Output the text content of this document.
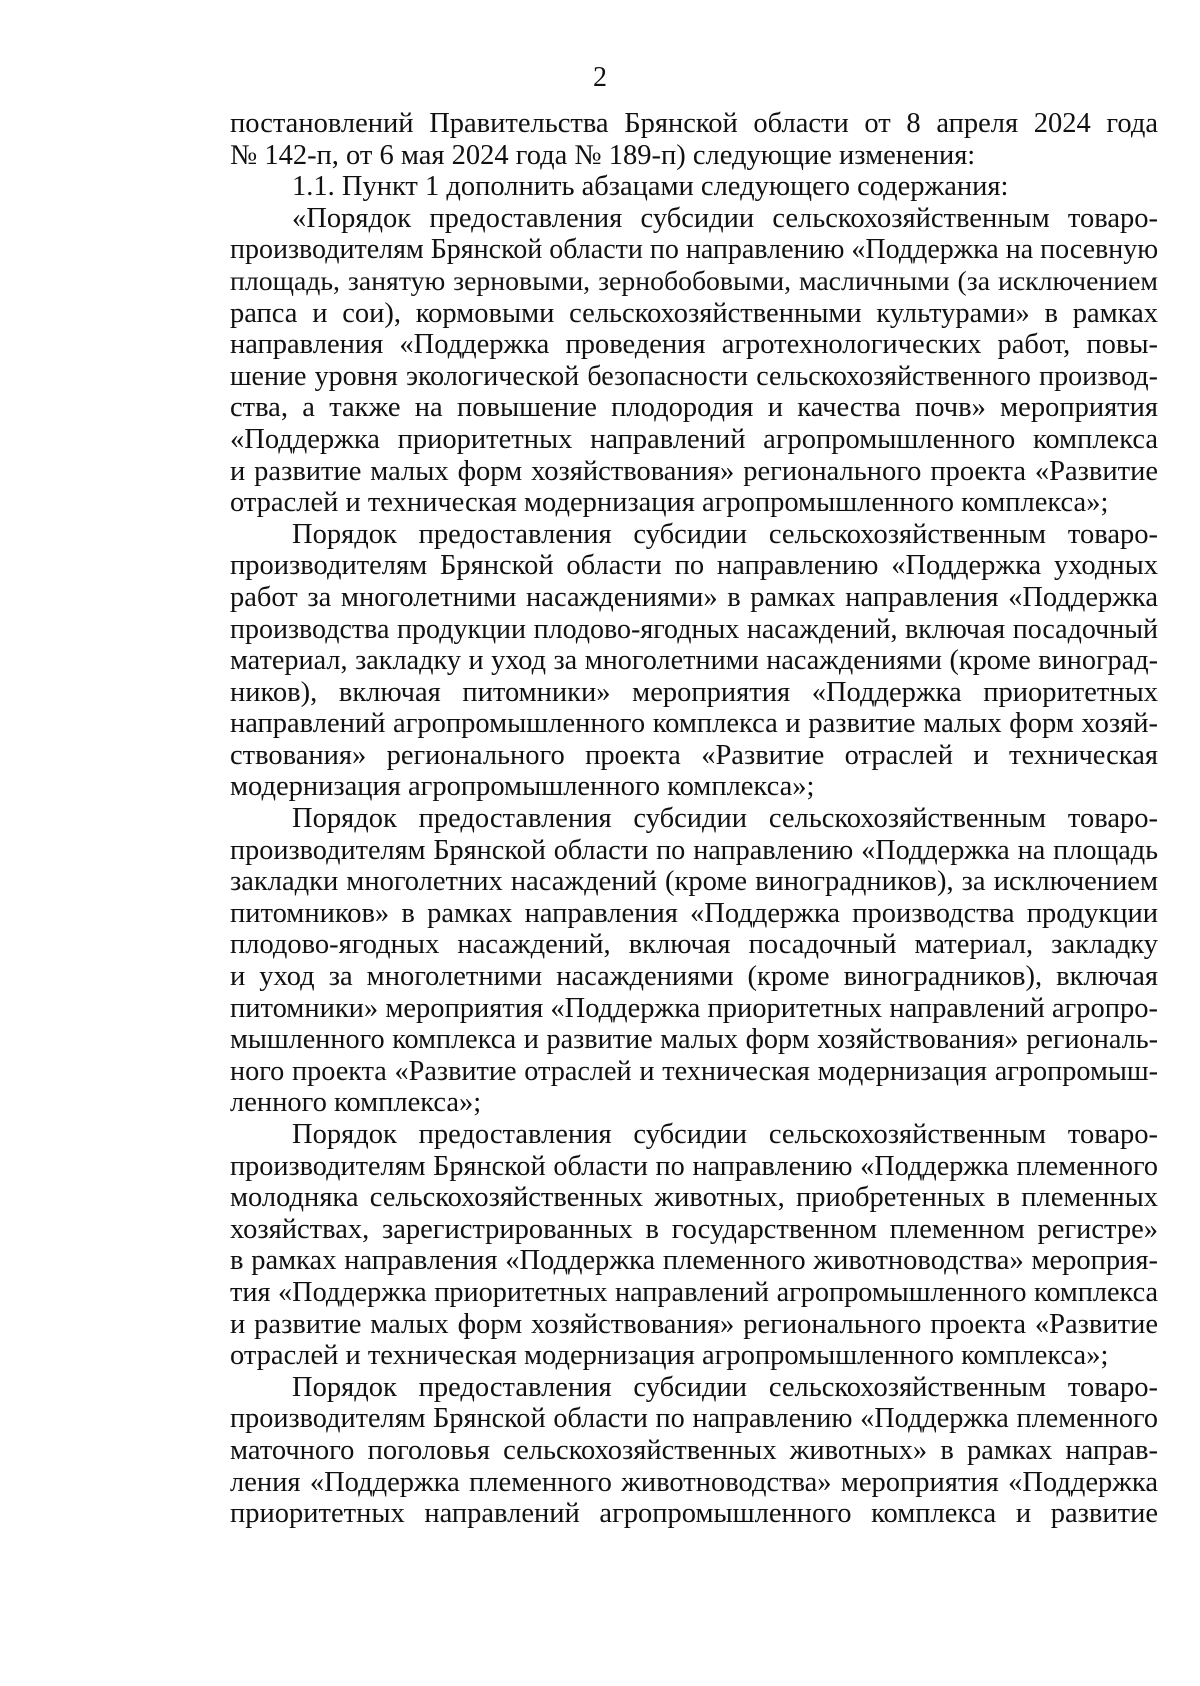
2
постановлений Правительства Брянской области от 8 апреля 2024 года
№ 142-п, от 6 мая 2024 года № 189-п) следующие изменения:
1.1. Пункт 1 дополнить абзацами следующего содержания:
«Порядок предоставления субсидии сельскохозяйственным товаро-
производителям Брянской области по направлению «Поддержка на посевную
площадь, занятую зерновыми, зернобобовыми, масличными (за исключением
рапса и сои), кормовыми сельскохозяйственными культурами» в рамках
направления «Поддержка проведения агротехнологических работ, повы-
шение уровня экологической безопасности сельскохозяйственного производ-
ства, а также на повышение плодородия и качества почв» мероприятия
«Поддержка приоритетных направлений агропромышленного комплекса
и развитие малых форм хозяйствования» регионального проекта «Развитие
отраслей и техническая модернизация агропромышленного комплекса»;
Порядок предоставления субсидии сельскохозяйственным товаро-
производителям Брянской области по направлению «Поддержка уходных
работ за многолетними насаждениями» в рамках направления «Поддержка
производства продукции плодово-ягодных насаждений, включая посадочный
материал, закладку и уход за многолетними насаждениями (кроме виноград-
ников), включая питомники» мероприятия «Поддержка приоритетных
направлений агропромышленного комплекса и развитие малых форм хозяй-
ствования» регионального проекта «Развитие отраслей и техническая
модернизация агропромышленного комплекса»;
Порядок предоставления субсидии сельскохозяйственным товаро-
производителям Брянской области по направлению «Поддержка на площадь
закладки многолетних насаждений (кроме виноградников), за исключением
питомников» в рамках направления «Поддержка производства продукции
плодово-ягодных насаждений, включая посадочный материал, закладку
и уход за многолетними насаждениями (кроме виноградников), включая
питомники» мероприятия «Поддержка приоритетных направлений агропро-
мышленного комплекса и развитие малых форм хозяйствования» региональ-
ного проекта «Развитие отраслей и техническая модернизация агропромыш-
ленного комплекса»;
Порядок предоставления субсидии сельскохозяйственным товаро-
производителям Брянской области по направлению «Поддержка племенного
молодняка сельскохозяйственных животных, приобретенных в племенных
хозяйствах, зарегистрированных в государственном племенном регистре»
в рамках направления «Поддержка племенного животноводства» мероприя-
тия «Поддержка приоритетных направлений агропромышленного комплекса
и развитие малых форм хозяйствования» регионального проекта «Развитие
отраслей и техническая модернизация агропромышленного комплекса»;
Порядок предоставления субсидии сельскохозяйственным товаро-
производителям Брянской области по направлению «Поддержка племенного
маточного поголовья сельскохозяйственных животных» в рамках направ-
ления «Поддержка племенного животноводства» мероприятия «Поддержка
приоритетных направлений агропромышленного комплекса и развитие
